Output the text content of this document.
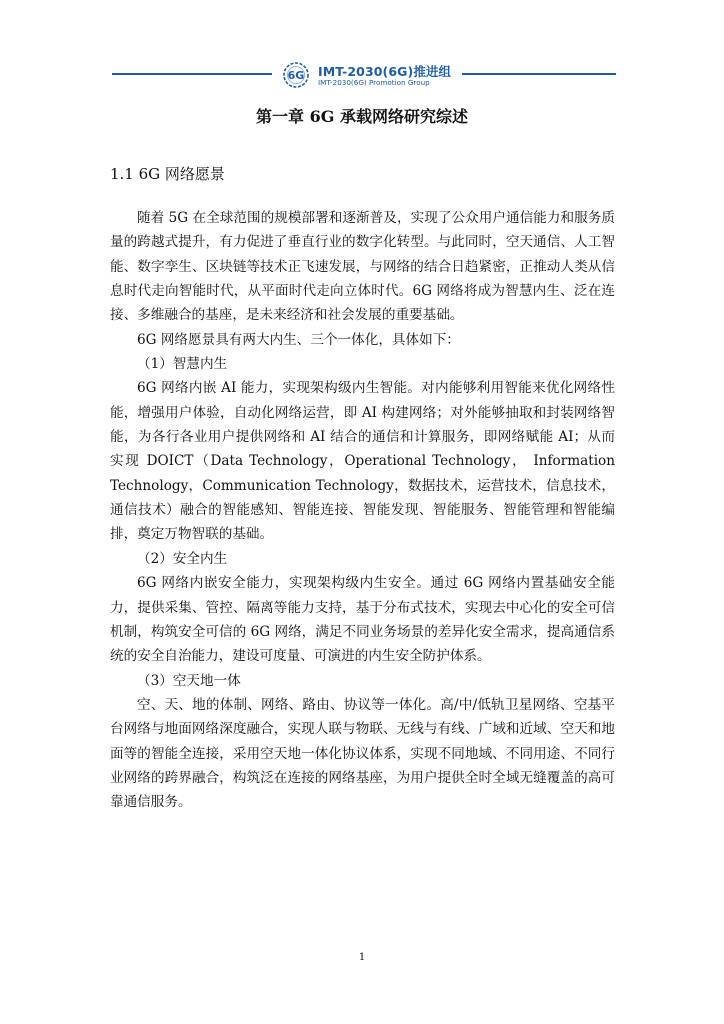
6G IMT-2030(6G)推进组
IMT-2030(6G) Promotion Group
第一章 6G 承载网络研究综述
1.1 6G 网络愿景

随着 5G 在全球范围的规模部署和逐渐普及，实现了公众用户通信能力和服务质量的跨越式提升，有力促进了垂直行业的数字化转型。与此同时，空天通信、人工智能、数字孪生、区块链等技术正飞速发展，与网络的结合日趋紧密，正推动人类从信息时代走向智能时代，从平面时代走向立体时代。6G 网络将成为智慧内生、泛在连接、多维融合的基座，是未来经济和社会发展的重要基础。

6G 网络愿景具有两大内生、三个一体化，具体如下：

（1）智慧内生

6G 网络内嵌 AI 能力，实现架构级内生智能。对内能够利用智能来优化网络性能，增强用户体验，自动化网络运营，即 AI 构建网络；对外能够抽取和封装网络智能，为各行各业用户提供网络和 AI 结合的通信和计算服务，即网络赋能 AI；从而实现 DOICT（Data Technology，Operational Technology， Information Technology，Communication Technology，数据技术，运营技术，信息技术，通信技术）融合的智能感知、智能连接、智能发现、智能服务、智能管理和智能编排，奠定万物智联的基础。

（2）安全内生

6G 网络内嵌安全能力，实现架构级内生安全。通过 6G 网络内置基础安全能力，提供采集、管控、隔离等能力支持，基于分布式技术，实现去中心化的安全可信机制，构筑安全可信的 6G 网络，满足不同业务场景的差异化安全需求，提高通信系统的安全自治能力，建设可度量、可演进的内生安全防护体系。

（3）空天地一体

空、天、地的体制、网络、路由、协议等一体化。高/中/低轨卫星网络、空基平台网络与地面网络深度融合，实现人联与物联、无线与有线、广域和近域、空天和地面等的智能全连接，采用空天地一体化协议体系，实现不同地域、不同用途、不同行业网络的跨界融合，构筑泛在连接的网络基座，为用户提供全时全域无缝覆盖的高可靠通信服务。

1
